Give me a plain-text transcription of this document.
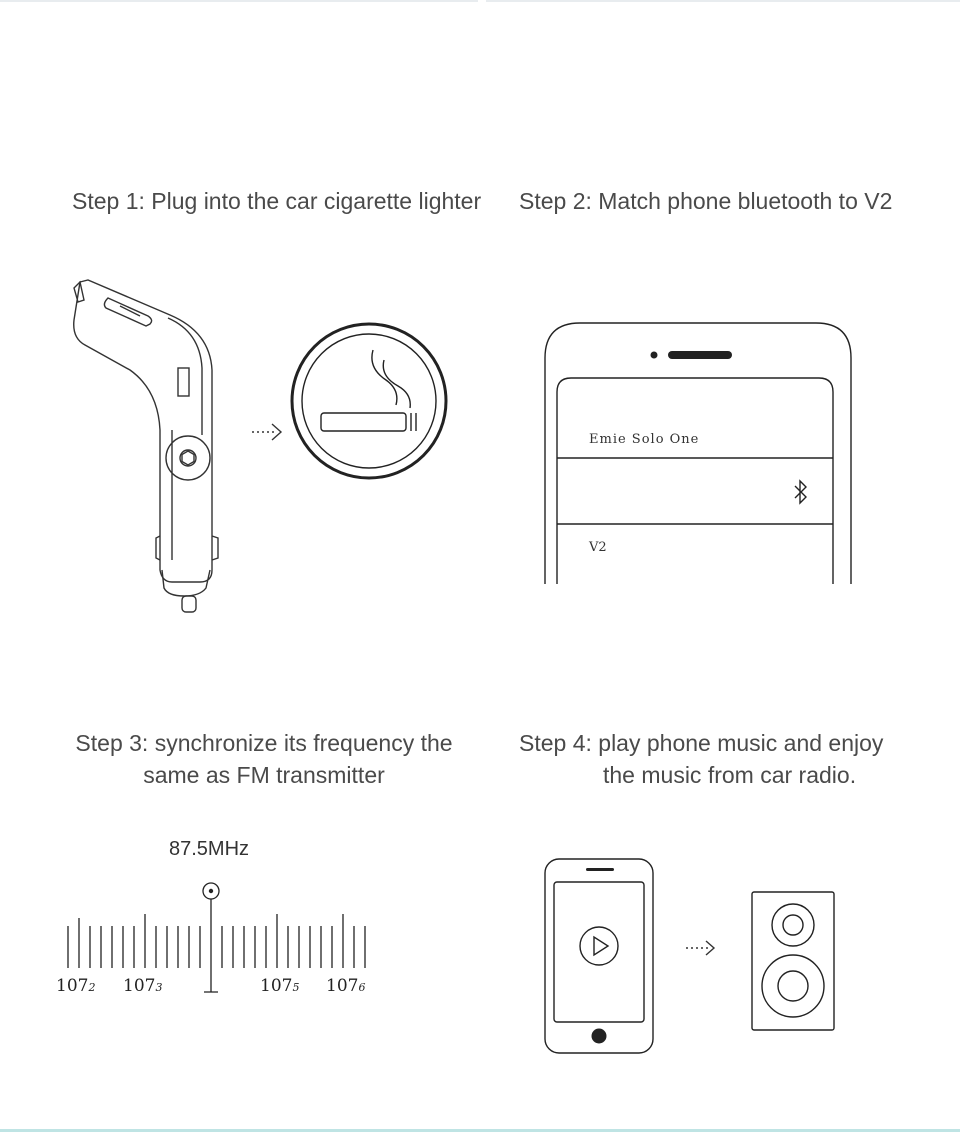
Step 1: Plug into the car cigarette lighter Step 2: Match phone bluetooth to V2
Step 3: synchronize its frequency the
same as FM transmitter
Step 4: play phone music and enjoy
the music from car radio.
Emie Solo One
V2
87.5MHz
1072 1073	1075 1076
